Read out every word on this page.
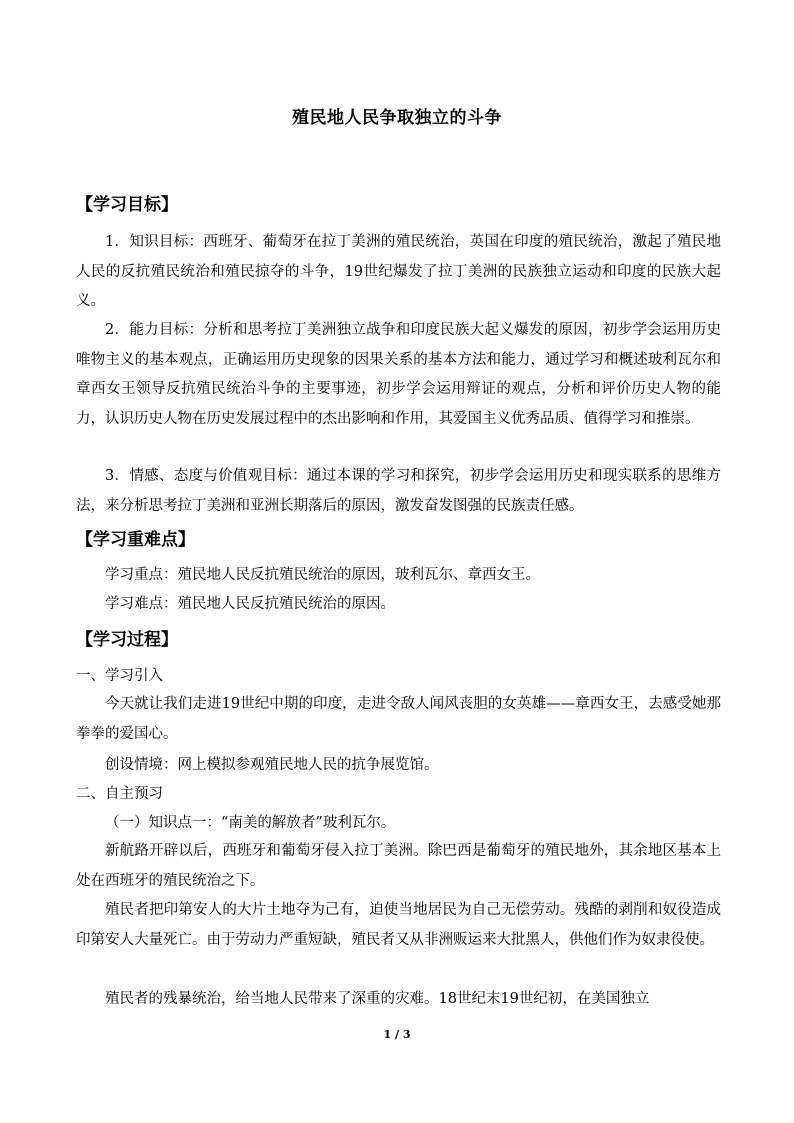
殖民地人民争取独立的斗争
【学习目标】
1．知识目标：西班牙、葡萄牙在拉丁美洲的殖民统治，英国在印度的殖民统治，激起了殖民地人民的反抗殖民统治和殖民掠夺的斗争，19世纪爆发了拉丁美洲的民族独立运动和印度的民族大起义。
2．能力目标：分析和思考拉丁美洲独立战争和印度民族大起义爆发的原因，初步学会运用历史唯物主义的基本观点，正确运用历史现象的因果关系的基本方法和能力，通过学习和概述玻利瓦尔和章西女王领导反抗殖民统治斗争的主要事迹，初步学会运用辩证的观点，分析和评价历史人物的能力，认识历史人物在历史发展过程中的杰出影响和作用，其爱国主义优秀品质、值得学习和推崇。
3．情感、态度与价值观目标：通过本课的学习和探究，初步学会运用历史和现实联系的思维方法，来分析思考拉丁美洲和亚洲长期落后的原因，激发奋发图强的民族责任感。
【学习重难点】
学习重点：殖民地人民反抗殖民统治的原因，玻利瓦尔、章西女王。
学习难点：殖民地人民反抗殖民统治的原因。
【学习过程】
一、学习引入
今天就让我们走进19世纪中期的印度，走进令敌人闻风丧胆的女英雄——章西女王，去感受她那拳拳的爱国心。
创设情境：网上模拟参观殖民地人民的抗争展览馆。
二、自主预习
（一）知识点一：“南美的解放者”玻利瓦尔。
新航路开辟以后，西班牙和葡萄牙侵入拉丁美洲。除巴西是葡萄牙的殖民地外，其余地区基本上处在西班牙的殖民统治之下。
殖民者把印第安人的大片土地夺为己有，迫使当地居民为自己无偿劳动。残酷的剥削和奴役造成印第安人大量死亡。由于劳动力严重短缺，殖民者又从非洲贩运来大批黑人，供他们作为奴隶役使。
殖民者的残暴统治，给当地人民带来了深重的灾难。18世纪末19世纪初，在美国独立
1 / 3
